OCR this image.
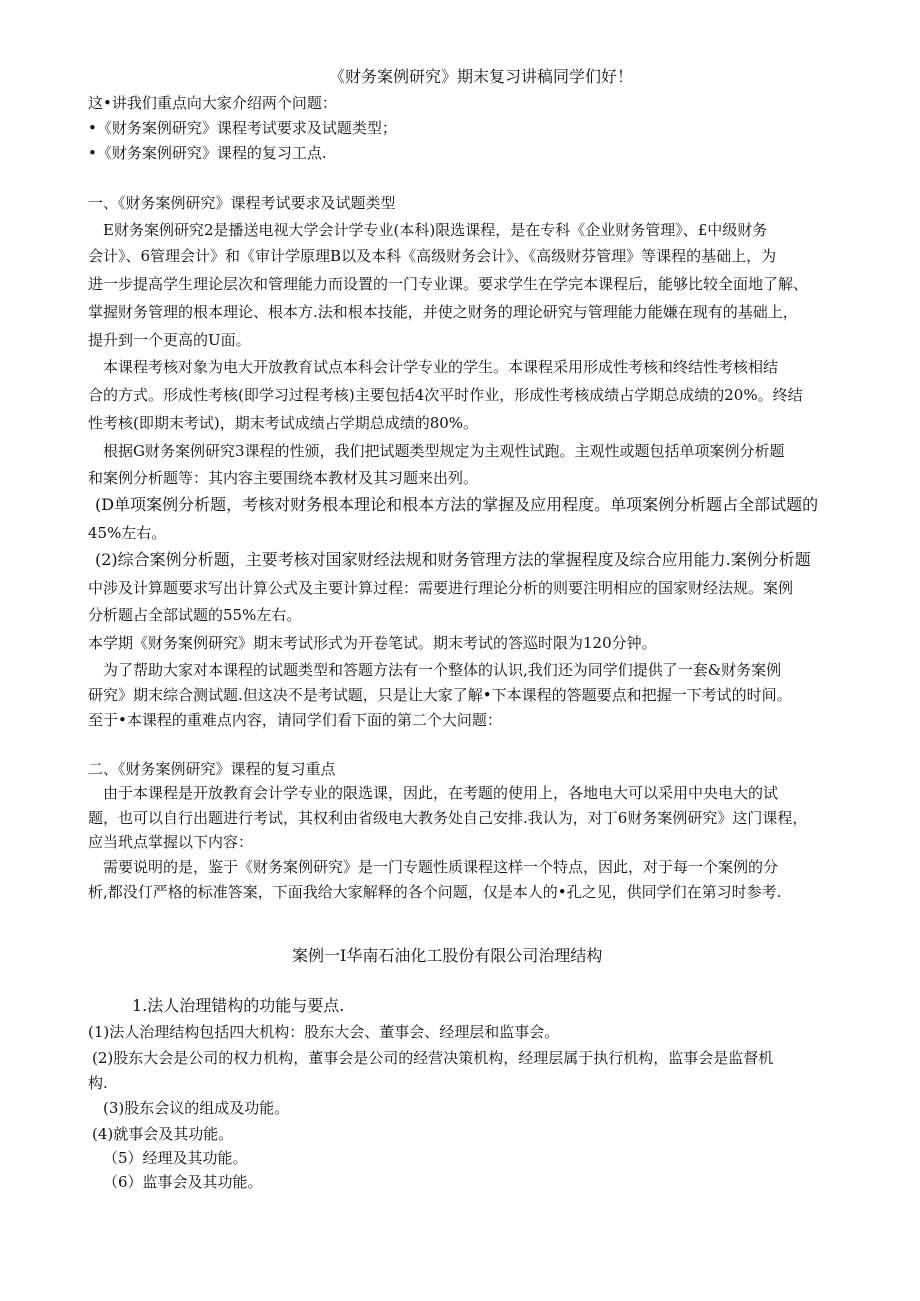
《财务案例研究》期末复习讲稿同学们好！
这•讲我们重点向大家介绍两个问题：
•《财务案例研究》课程考试要求及试题类型；
•《财务案例研究》课程的复习工点.
一、《财务案例研究》课程考试要求及试题类型
E财务案例研究2是播送电视大学会计学专业(本科)限选课程，是在专科《企业财务管理》、£中级财务
会计》、6管理会计》和《审计学原理B以及本科《高级财务会计》、《高级财芬管理》等课程的基础上，为
进一步提高学生理论层次和管理能力而设置的一门专业课。要求学生在学完本课程后，能够比较全面地了解、
掌握财务管理的根本理论、根本方.法和根本技能，并使之财务的理论研究与管理能力能嫌在现有的基础上，
提升到一个更高的U面。
本课程考核对象为电大开放教育试点本科会计学专业的学生。本课程采用形成性考核和终结性考核相结
合的方式。形成性考核(即学习过程考核)主要包括4次平时作业，形成性考核成绩占学期总成绩的20%。终结
性考核(即期末考试)，期末考试成绩占学期总成绩的80%。
根据G财务案例研究3课程的性颁，我们把试题类型规定为主观性试跑。主观性或题包括单项案例分析题
和案例分析题等：其内容主要围绕本教材及其习题来出列。
(D单项案例分析题，考核对财务根本理论和根本方法的掌握及应用程度。单项案例分析题占全部试题的
45%左右。
(2)综合案例分析题，主要考核对国家财经法规和财务管理方法的掌握程度及综合应用能力.案例分析题
中涉及计算题要求写出计算公式及主要计算过程：需要进行理论分析的则要注明相应的国家财经法规。案例
分析题占全部试题的55%左右。
本学期《财务案例研究》期末考试形式为开卷笔试。期末考试的答巡时限为120分钟。
为了帮助大家对本课程的试题类型和答题方法有一个整体的认识,我们还为同学们提供了一套&财务案例
研究》期末综合测试题.但这决不是考试题，只是让大家了解•下本课程的答题要点和把握一下考试的时间。
至于•本课程的重难点内容，请同学们看下面的第二个大问题：
二、《财务案例研究》课程的复习重点
由于本课程是开放教育会计学专业的限选课，因此，在考题的使用上，各地电大可以采用中央电大的试
题，也可以自行出题进行考试，其权利由省级电大教务处自己安排.我认为，对丁6财务案例研究》这门课程，
应当玳点掌握以下内容：
需要说明的是，鉴于《财务案例研究》是一门专题性质课程这样一个特点，因此，对于每一个案例的分
析,都没仃严格的标准答案，下面我给大家解释的各个问题，仅是本人的•孔之见，供同学们在第习时参考.
案例一I华南石油化工股份有限公司治理结构
1.法人治理错构的功能与要点.
(1)法人治理结构包括四大机构：股东大会、董事会、经理层和监事会。
(2)股东大会是公司的权力机构，董事会是公司的经营决策机构，经理层属于执行机构，监事会是监督机
构.
(3)股东会议的组成及功能。
(4)就事会及其功能。
（5）经理及其功能。
（6）监事会及其功能。
